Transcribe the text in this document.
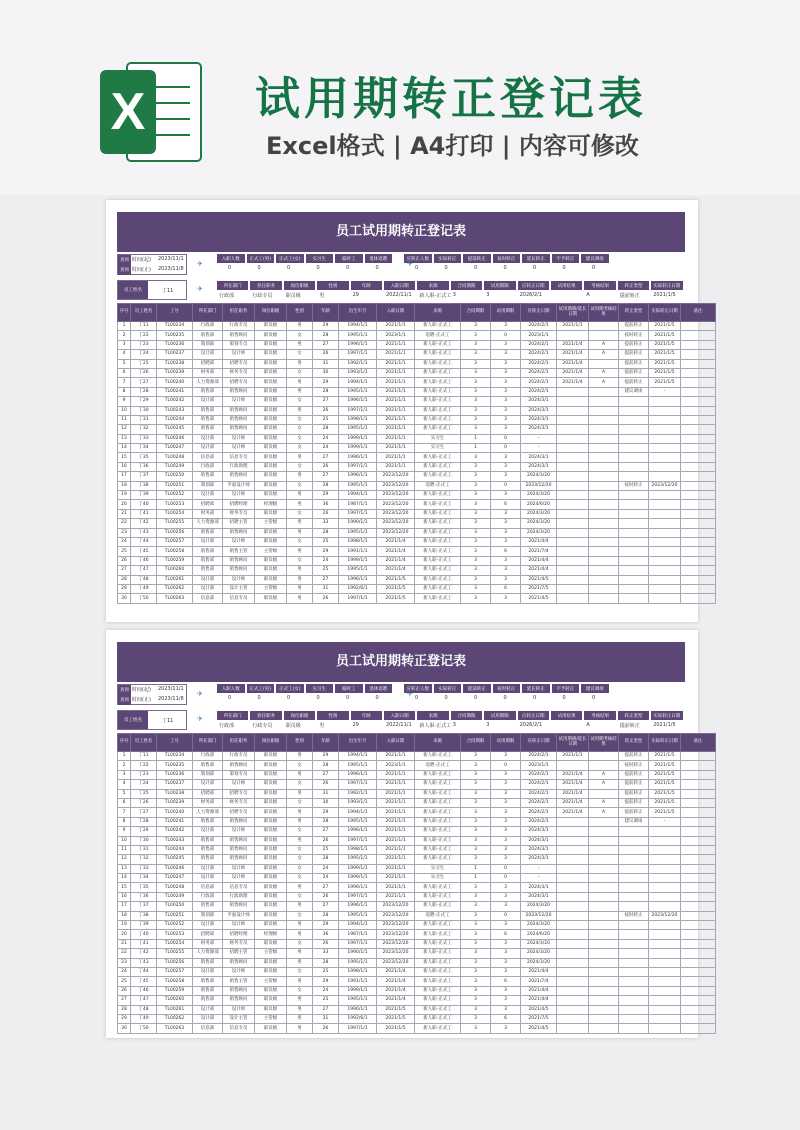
X 试用期转正登记表
Excel格式 | A4打印 | 内容可修改
员工试用期转正登记表
查询
查询
时间 (起)
时间 (止)
2023/11/1
2023/11/8
✈
入职人数
0
正式工(男)
0
正式工(女)
0
实习生
0
临时工
0
退休返聘
0
应转正人数
0
实际转正
0
提前转正
0
按时转正
0
延长转正
0
不予转正
0
建议调岗
0
✈
员工姓名	丁11	✈	所在部门
行政部
担任职务
行政专员
岗位职级
职员级
性别
男
年龄
29
入职日期
2022/11/1
来源
新人职-正式工
合同期限
3
试用期限
3
应转正日期
2026/2/1
试用结果	考核结果
A
转正类型
提前转正
实际转正日期
2021/1/5
序号	员工姓名	工号	所在部门	担任职务	岗位职级	性别	年龄	出生年月	入职日期	来源	合同期限	试用期限	应转正日期	试用期满/延长日期	试用期考核结果	转正类型	实际转正日期	备注
1	丁11	TL00234	行政部	行政专员	职员级	男	29	1994/1/1	2021/1/1	新人职-正式工	3	3	2024/2/1	2021/1/1		提前转正	2021/1/5	
2	丁22	TL00235	销售部	销售顾问	职员级	女	28	1995/1/1	2023/1/1	返聘-正式工	3	0	2023/1/1			按时转正	2021/1/5	
3	丁23	TL00236	策划部	策划专员	职员级	男	27	1996/1/1	2021/1/1	新人职-正式工	3	3	2024/2/1	2021/1/4	A	提前转正	2021/1/5	
4	丁24	TL00237	设计部	设计师	职员级	女	26	1997/1/1	2021/1/1	新人职-正式工	3	3	2024/2/1	2021/1/4	A	提前转正	2021/1/5	
5	丁25	TL00238	招聘部	招聘专员	职员级	男	31	1992/1/1	2021/1/1	新人职-正式工	3	3	2024/2/1	2021/1/4		提前转正	2021/1/5	
6	丁26	TL00239	财务部	财务专员	职员级	女	30	1993/1/1	2021/1/1	新人职-正式工	3	3	2024/2/1	2021/1/4	A	提前转正	2021/1/5	
7	丁27	TL00240	人力资源部	招聘专员	职员级	男	29	1994/1/1	2021/1/1	新人职-正式工	3	3	2024/2/1	2021/1/4	A	提前转正	2021/1/5	
8	丁28	TL00241	销售部	销售顾问	职员级	男	28	1995/1/1	2021/1/1	新人职-正式工	3	3	2024/2/1			建议调岗	-	
9	丁29	TL00242	设计部	设计师	职员级	女	27	1996/1/1	2021/1/1	新人职-正式工	3	3	2024/3/1					
10	丁30	TL00243	销售部	销售顾问	职员级	男	26	1997/1/1	2021/1/1	新人职-正式工	3	3	2024/3/1					
11	丁31	TL00244	销售部	销售顾问	职员级	女	25	1998/1/1	2021/1/1	新人职-正式工	3	3	2024/3/1					
12	丁32	TL00245	销售部	销售顾问	职员级	女	28	1995/1/1	2021/1/1	新人职-正式工	3	3	2024/3/1					
13	丁33	TL00246	设计部	设计师	职员级	女	24	1999/1/1	2021/1/1	实习生	1	0	-					
14	丁34	TL00247	设计部	设计师	职员级	女	24	1999/1/1	2021/1/1	实习生	1	0	-					
15	丁35	TL00248	信息部	信息专员	职员级	男	27	1996/1/1	2021/1/1	新人职-正式工	3	3	2024/3/1					
16	丁36	TL00249	行政部	行政助理	职员级	女	26	1997/1/1	2021/1/1	新人职-正式工	3	3	2024/3/1					
17	丁37	TL00250	销售部	销售顾问	职员级	男	27	1996/1/1	2023/12/20	新人职-正式工	3	3	2024/3/20					
18	丁38	TL00251	策划部	平面设计师	职员级	女	28	1995/1/1	2023/12/20	返聘-正式工	3	0	2023/12/20			按时转正	2023/12/20	
19	丁39	TL00252	设计部	设计师	职员级	男	29	1994/1/1	2023/12/20	新人职-正式工	3	3	2024/3/20					
20	丁40	TL00253	招聘部	招聘经理	经理级	男	36	1987/1/1	2023/12/20	新人职-正式工	3	6	2024/6/20					
21	丁41	TL00254	财务部	财务专员	职员级	女	26	1997/1/1	2023/12/20	新人职-正式工	3	3	2024/3/20					
22	丁42	TL00255	人力资源部	招聘主管	主管级	男	33	1990/1/1	2023/12/20	新人职-正式工	3	3	2024/3/20					
23	丁43	TL00256	销售部	销售顾问	职员级	男	28	1995/1/1	2023/12/20	新人职-正式工	3	3	2024/3/20					
24	丁44	TL00257	设计部	设计师	职员级	女	25	1998/1/1	2021/1/4	新人职-正式工	3	3	2021/4/4					
25	丁45	TL00258	销售部	销售主管	主管级	男	29	1991/1/1	2021/1/4	新人职-正式工	3	6	2021/7/4					
26	丁46	TL00259	销售部	销售顾问	职员级	女	24	1999/1/1	2021/1/4	新人职-正式工	3	3	2021/4/4					
27	丁47	TL00260	销售部	销售顾问	职员级	男	25	1995/1/1	2021/1/4	新人职-正式工	3	3	2021/4/4					
28	丁48	TL00261	设计部	设计师	职员级	男	27	1996/1/1	2021/1/5	新人职-正式工	3	3	2021/4/5					
29	丁49	TL00262	设计部	设计主管	主管级	男	31	1992/6/1	2021/1/5	新人职-正式工	3	6	2021/7/5					
30	丁50	TL00263	信息部	信息专员	职员级	男	26	1997/1/1	2021/1/5	新人职-正式工	3	3	2021/4/5					
员工试用期转正登记表
查询
查询
时间 (起)
时间 (止)
2023/11/1
2023/11/8
✈
入职人数
0
正式工(男)
0
正式工(女)
0
实习生
0
临时工
0
退休返聘
0
应转正人数
0
实际转正
0
提前转正
0
按时转正
0
延长转正
0
不予转正
0
建议调岗
0
✈
员工姓名	丁11	✈	所在部门
行政部
担任职务
行政专员
岗位职级
职员级
性别
男
年龄
29
入职日期
2022/11/1
来源
新人职-正式工
合同期限
3
试用期限
3
应转正日期
2026/2/1
试用结果	考核结果
A
转正类型
提前转正
实际转正日期
2021/1/5
序号	员工姓名	工号	所在部门	担任职务	岗位职级	性别	年龄	出生年月	入职日期	来源	合同期限	试用期限	应转正日期	试用期满/延长日期	试用期考核结果	转正类型	实际转正日期	备注
1	丁11	TL00234	行政部	行政专员	职员级	男	29	1994/1/1	2021/1/1	新人职-正式工	3	3	2024/2/1	2021/1/1		提前转正	2021/1/5	
2	丁22	TL00235	销售部	销售顾问	职员级	女	28	1995/1/1	2023/1/1	返聘-正式工	3	0	2023/1/1			按时转正	2021/1/5	
3	丁23	TL00236	策划部	策划专员	职员级	男	27	1996/1/1	2021/1/1	新人职-正式工	3	3	2024/2/1	2021/1/4	A	提前转正	2021/1/5	
4	丁24	TL00237	设计部	设计师	职员级	女	26	1997/1/1	2021/1/1	新人职-正式工	3	3	2024/2/1	2021/1/4	A	提前转正	2021/1/5	
5	丁25	TL00238	招聘部	招聘专员	职员级	男	31	1992/1/1	2021/1/1	新人职-正式工	3	3	2024/2/1	2021/1/4		提前转正	2021/1/5	
6	丁26	TL00239	财务部	财务专员	职员级	女	30	1993/1/1	2021/1/1	新人职-正式工	3	3	2024/2/1	2021/1/4	A	提前转正	2021/1/5	
7	丁27	TL00240	人力资源部	招聘专员	职员级	男	29	1994/1/1	2021/1/1	新人职-正式工	3	3	2024/2/1	2021/1/4	A	提前转正	2021/1/5	
8	丁28	TL00241	销售部	销售顾问	职员级	男	28	1995/1/1	2021/1/1	新人职-正式工	3	3	2024/2/1			建议调岗	-	
9	丁29	TL00242	设计部	设计师	职员级	女	27	1996/1/1	2021/1/1	新人职-正式工	3	3	2024/3/1					
10	丁30	TL00243	销售部	销售顾问	职员级	男	26	1997/1/1	2021/1/1	新人职-正式工	3	3	2024/3/1					
11	丁31	TL00244	销售部	销售顾问	职员级	女	25	1998/1/1	2021/1/1	新人职-正式工	3	3	2024/3/1					
12	丁32	TL00245	销售部	销售顾问	职员级	女	28	1995/1/1	2021/1/1	新人职-正式工	3	3	2024/3/1					
13	丁33	TL00246	设计部	设计师	职员级	女	24	1999/1/1	2021/1/1	实习生	1	0	-					
14	丁34	TL00247	设计部	设计师	职员级	女	24	1999/1/1	2021/1/1	实习生	1	0	-					
15	丁35	TL00248	信息部	信息专员	职员级	男	27	1996/1/1	2021/1/1	新人职-正式工	3	3	2024/3/1					
16	丁36	TL00249	行政部	行政助理	职员级	女	26	1997/1/1	2021/1/1	新人职-正式工	3	3	2024/3/1					
17	丁37	TL00250	销售部	销售顾问	职员级	男	27	1996/1/1	2023/12/20	新人职-正式工	3	3	2024/3/20					
18	丁38	TL00251	策划部	平面设计师	职员级	女	28	1995/1/1	2023/12/20	返聘-正式工	3	0	2023/12/20			按时转正	2023/12/20	
19	丁39	TL00252	设计部	设计师	职员级	男	29	1994/1/1	2023/12/20	新人职-正式工	3	3	2024/3/20					
20	丁40	TL00253	招聘部	招聘经理	经理级	男	36	1987/1/1	2023/12/20	新人职-正式工	3	6	2024/6/20					
21	丁41	TL00254	财务部	财务专员	职员级	女	26	1997/1/1	2023/12/20	新人职-正式工	3	3	2024/3/20					
22	丁42	TL00255	人力资源部	招聘主管	主管级	男	33	1990/1/1	2023/12/20	新人职-正式工	3	3	2024/3/20					
23	丁43	TL00256	销售部	销售顾问	职员级	男	28	1995/1/1	2023/12/20	新人职-正式工	3	3	2024/3/20					
24	丁44	TL00257	设计部	设计师	职员级	女	25	1998/1/1	2021/1/4	新人职-正式工	3	3	2021/4/4					
25	丁45	TL00258	销售部	销售主管	主管级	男	29	1991/1/1	2021/1/4	新人职-正式工	3	6	2021/7/4					
26	丁46	TL00259	销售部	销售顾问	职员级	女	24	1999/1/1	2021/1/4	新人职-正式工	3	3	2021/4/4					
27	丁47	TL00260	销售部	销售顾问	职员级	男	25	1995/1/1	2021/1/4	新人职-正式工	3	3	2021/4/4					
28	丁48	TL00261	设计部	设计师	职员级	男	27	1996/1/1	2021/1/5	新人职-正式工	3	3	2021/4/5					
29	丁49	TL00262	设计部	设计主管	主管级	男	31	1992/6/1	2021/1/5	新人职-正式工	3	6	2021/7/5					
30	丁50	TL00263	信息部	信息专员	职员级	男	26	1997/1/1	2021/1/5	新人职-正式工	3	3	2021/4/5					
